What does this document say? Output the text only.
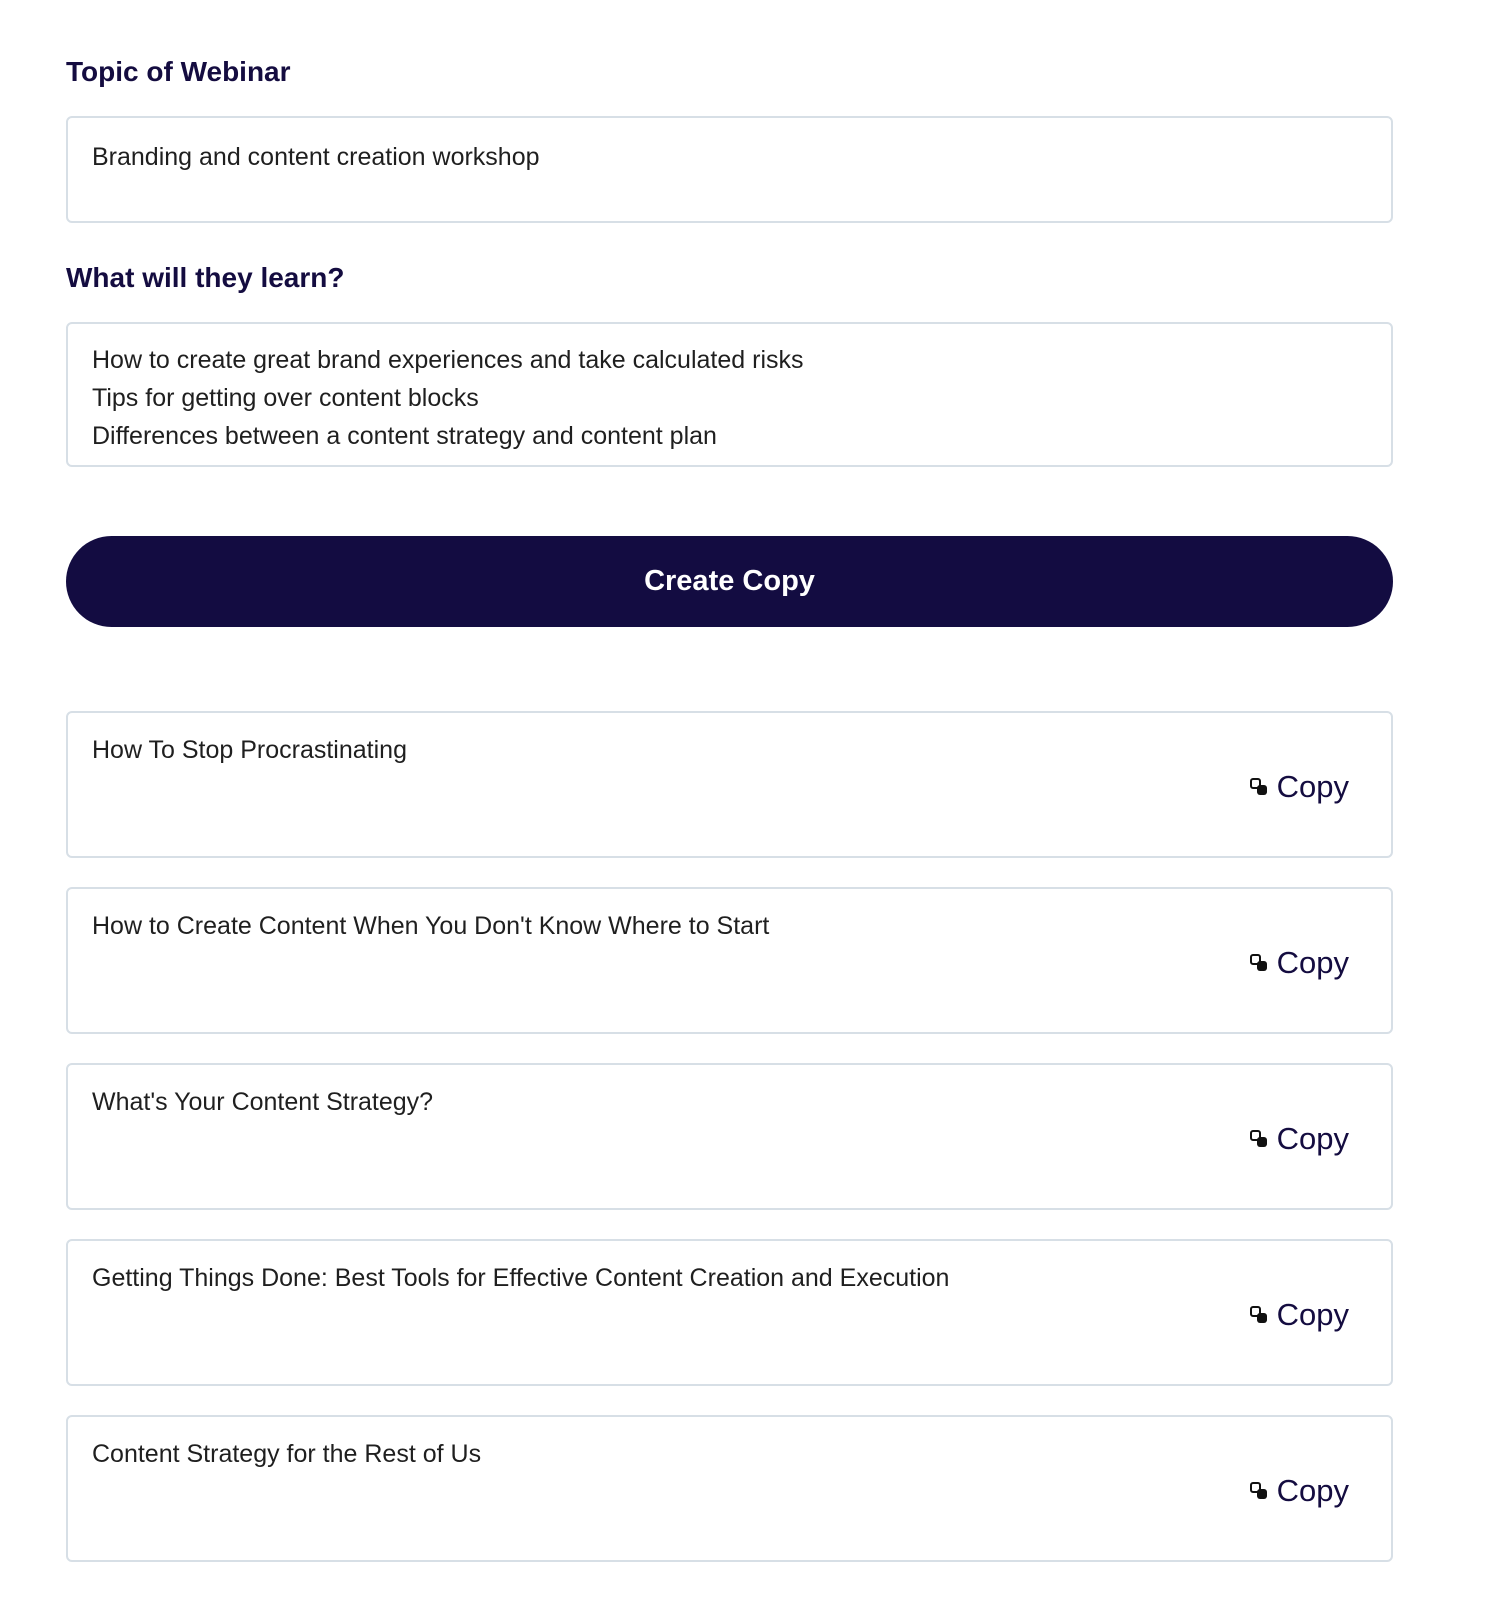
Topic of Webinar
Branding and content creation workshop
What will they learn?
How to create great brand experiences and take calculated risks
Tips for getting over content blocks
Differences between a content strategy and content plan
Create Copy
How To Stop Procrastinating
Copy
How to Create Content When You Don't Know Where to Start
Copy
What's Your Content Strategy?
Copy
Getting Things Done: Best Tools for Effective Content Creation and Execution
Copy
Content Strategy for the Rest of Us
Copy
